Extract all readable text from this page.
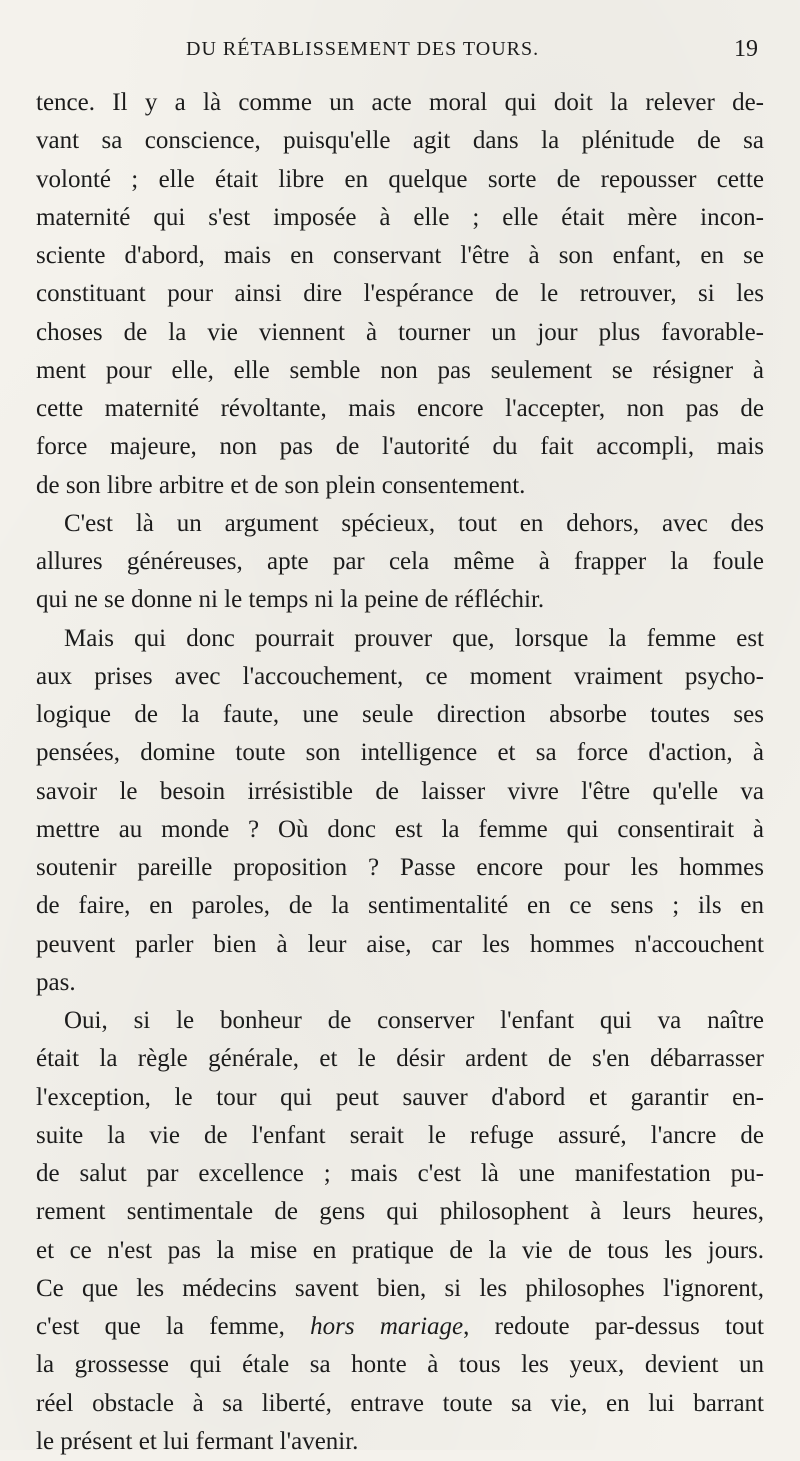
DU RÉTABLISSEMENT DES TOURS.	19
tence. Il y a là comme un acte moral qui doit la relever de-
vant sa conscience, puisqu'elle agit dans la plénitude de sa
volonté ; elle était libre en quelque sorte de repousser cette
maternité qui s'est imposée à elle ; elle était mère incon-
sciente d'abord, mais en conservant l'être à son enfant, en se
constituant pour ainsi dire l'espérance de le retrouver, si les
choses de la vie viennent à tourner un jour plus favorable-
ment pour elle, elle semble non pas seulement se résigner à
cette maternité révoltante, mais encore l'accepter, non pas de
force majeure, non pas de l'autorité du fait accompli, mais
de son libre arbitre et de son plein consentement.
C'est là un argument spécieux, tout en dehors, avec des
allures généreuses, apte par cela même à frapper la foule
qui ne se donne ni le temps ni la peine de réfléchir.
Mais qui donc pourrait prouver que, lorsque la femme est
aux prises avec l'accouchement, ce moment vraiment psycho-
logique de la faute, une seule direction absorbe toutes ses
pensées, domine toute son intelligence et sa force d'action, à
savoir le besoin irrésistible de laisser vivre l'être qu'elle va
mettre au monde ? Où donc est la femme qui consentirait à
soutenir pareille proposition ? Passe encore pour les hommes
de faire, en paroles, de la sentimentalité en ce sens ; ils en
peuvent parler bien à leur aise, car les hommes n'accouchent
pas.
Oui, si le bonheur de conserver l'enfant qui va naître
était la règle générale, et le désir ardent de s'en débarrasser
l'exception, le tour qui peut sauver d'abord et garantir en-
suite la vie de l'enfant serait le refuge assuré, l'ancre de
de salut par excellence ; mais c'est là une manifestation pu-
rement sentimentale de gens qui philosophent à leurs heures,
et ce n'est pas la mise en pratique de la vie de tous les jours.
Ce que les médecins savent bien, si les philosophes l'ignorent,
c'est que la femme, hors mariage, redoute par-dessus tout
la grossesse qui étale sa honte à tous les yeux, devient un
réel obstacle à sa liberté, entrave toute sa vie, en lui barrant
le présent et lui fermant l'avenir.
